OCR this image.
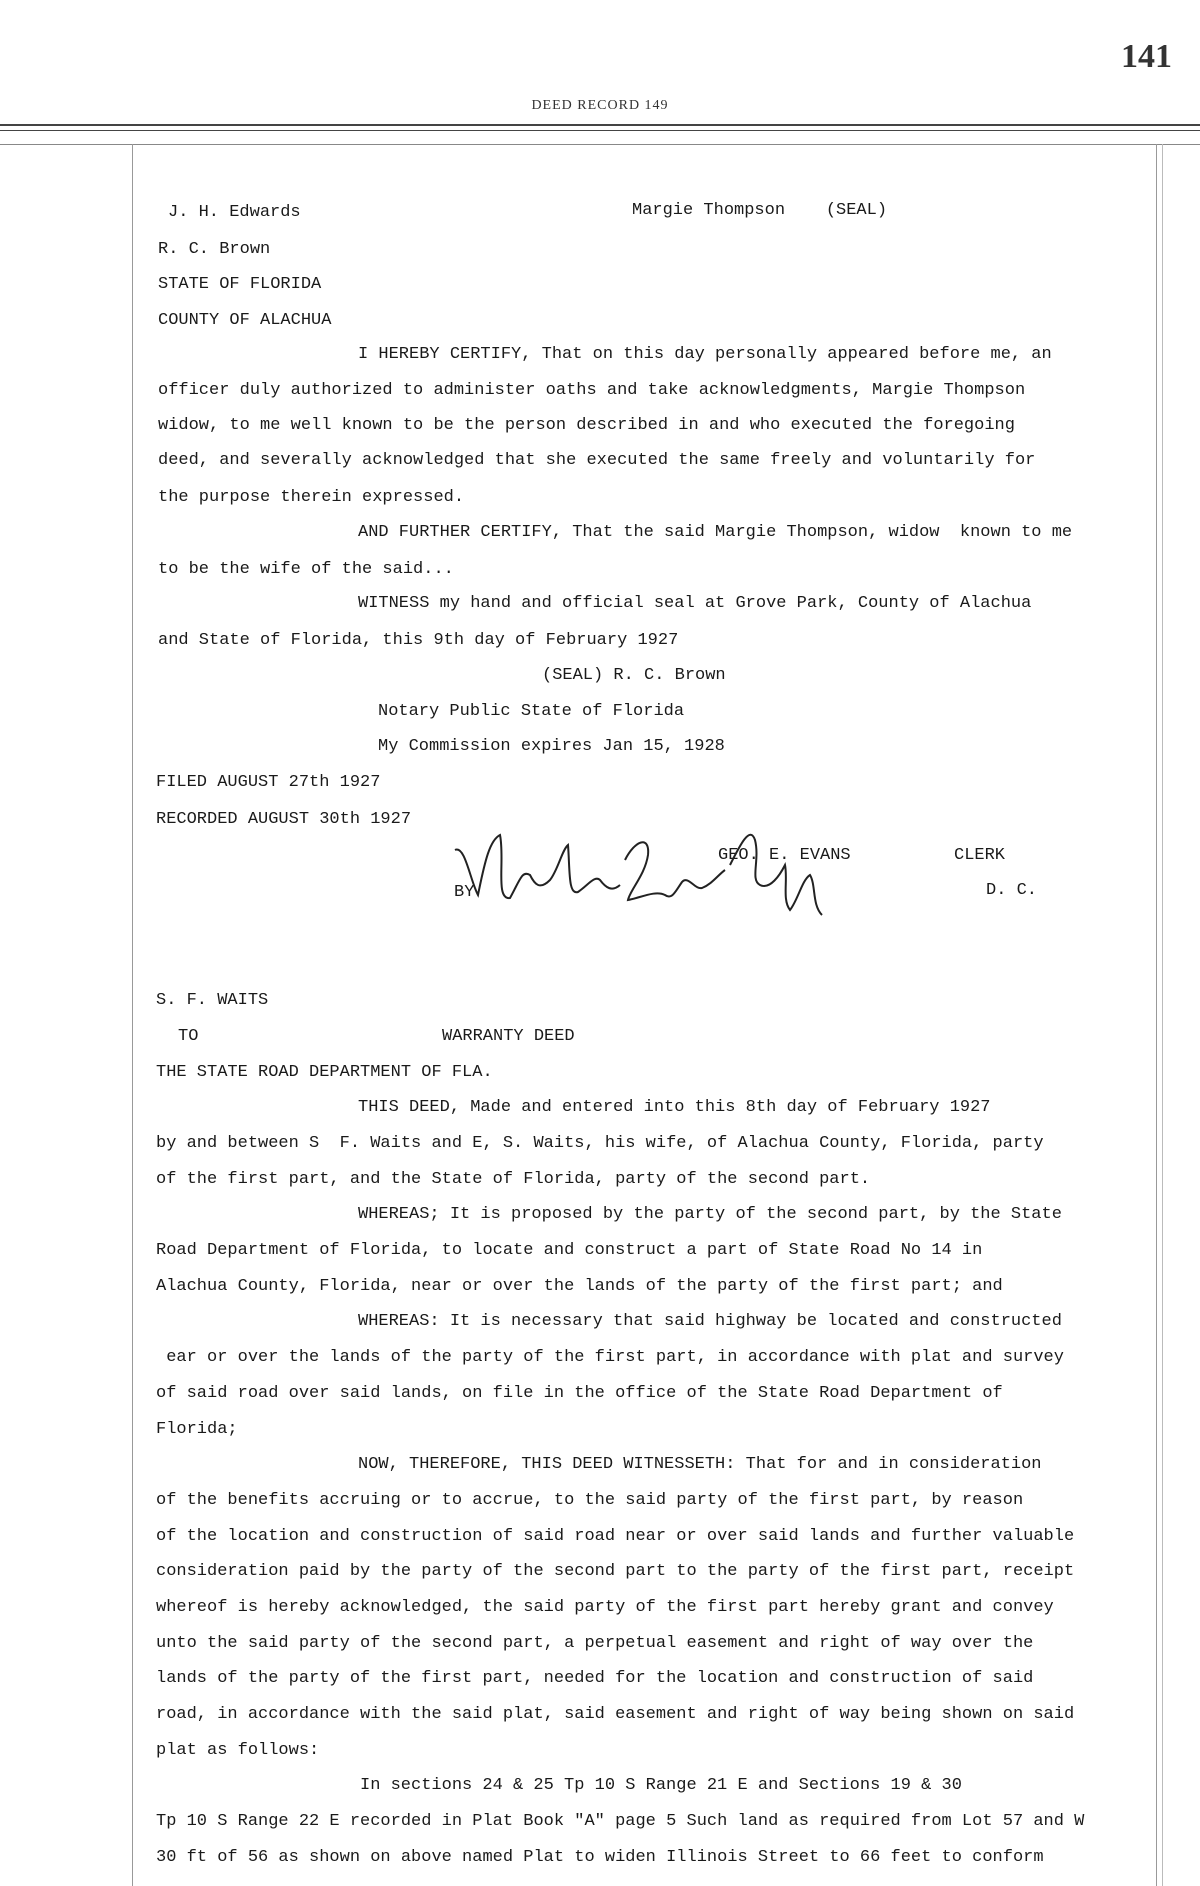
141
DEED RECORD 149
J. H. Edwards	Margie Thompson    (SEAL)
R. C. Brown
STATE OF FLORIDA
COUNTY OF ALACHUA
I HEREBY CERTIFY, That on this day personally appeared before me, an
officer duly authorized to administer oaths and take acknowledgments, Margie Thompson
widow, to me well known to be the person described in and who executed the foregoing
deed, and severally acknowledged that she executed the same freely and voluntarily for
the purpose therein expressed.
AND FURTHER CERTIFY, That the said Margie Thompson, widow  known to me
to be the wife of the said...
WITNESS my hand and official seal at Grove Park, County of Alachua
and State of Florida, this 9th day of February 1927
(SEAL) R. C. Brown
Notary Public State of Florida
My Commission expires Jan 15, 1928
FILED AUGUST 27th 1927
RECORDED AUGUST 30th 1927
GEO. E. EVANS	CLERK
BY	D. C.
S. F. WAITS
TO	WARRANTY DEED
THE STATE ROAD DEPARTMENT OF FLA.
THIS DEED, Made and entered into this 8th day of February 1927
by and between S  F. Waits and E, S. Waits, his wife, of Alachua County, Florida, party
of the first part, and the State of Florida, party of the second part.
WHEREAS; It is proposed by the party of the second part, by the State
Road Department of Florida, to locate and construct a part of State Road No 14 in
Alachua County, Florida, near or over the lands of the party of the first part; and
WHEREAS: It is necessary that said highway be located and constructed
ear or over the lands of the party of the first part, in accordance with plat and survey
of said road over said lands, on file in the office of the State Road Department of
Florida;
NOW, THEREFORE, THIS DEED WITNESSETH: That for and in consideration
of the benefits accruing or to accrue, to the said party of the first part, by reason
of the location and construction of said road near or over said lands and further valuable
consideration paid by the party of the second part to the party of the first part, receipt
whereof is hereby acknowledged, the said party of the first part hereby grant and convey
unto the said party of the second part, a perpetual easement and right of way over the
lands of the party of the first part, needed for the location and construction of said
road, in accordance with the said plat, said easement and right of way being shown on said
plat as follows:
In sections 24 & 25 Tp 10 S Range 21 E and Sections 19 & 30
Tp 10 S Range 22 E recorded in Plat Book "A" page 5 Such land as required from Lot 57 and W
30 ft of 56 as shown on above named Plat to widen Illinois Street to 66 feet to conform
